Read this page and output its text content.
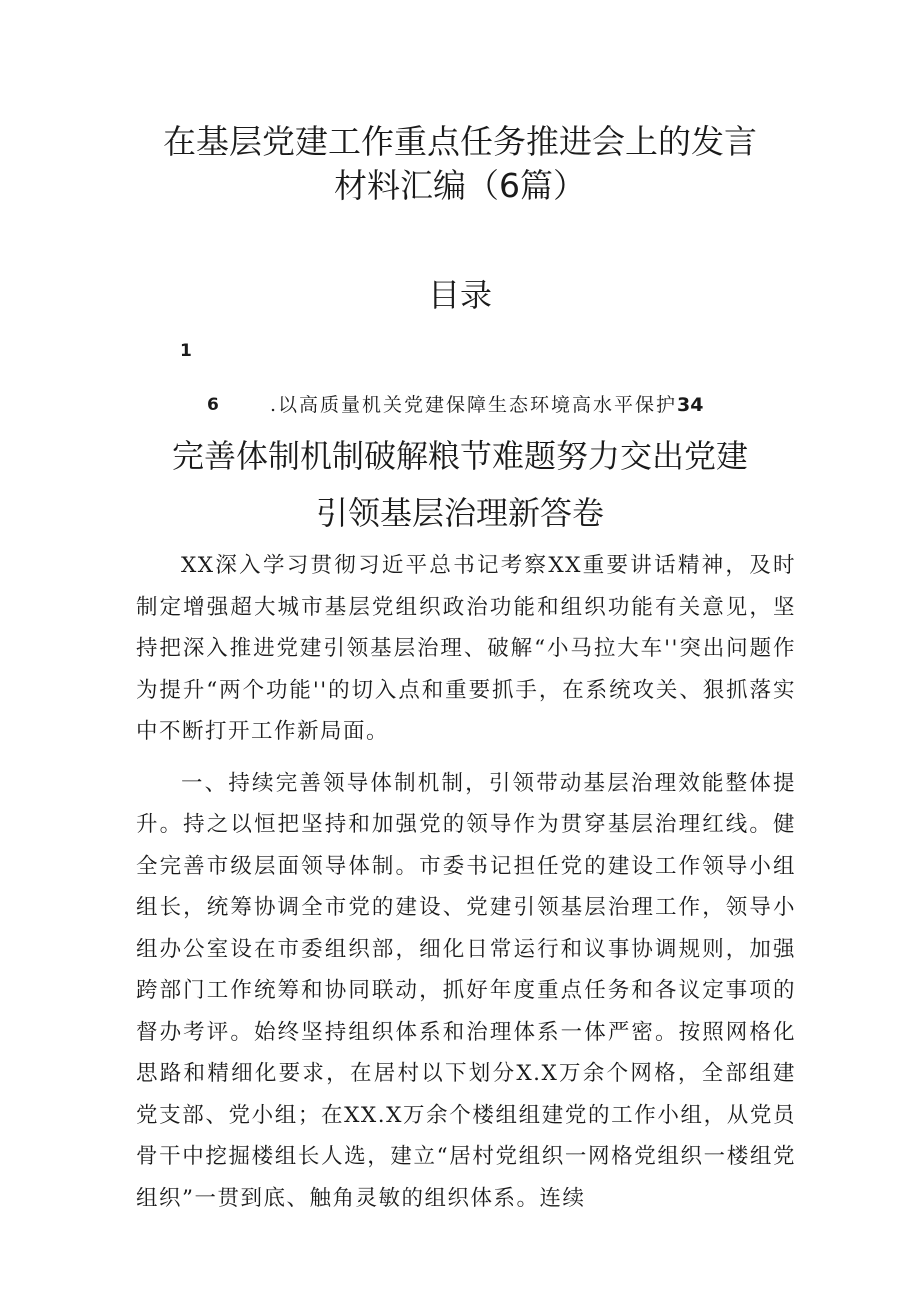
在基层党建工作重点任务推进会上的发言
材料汇编（6篇）
目录
1
6	.以高质量机关党建保障生态环境高水平保护34
完善体制机制破解粮节难题努力交出党建
引领基层治理新答卷

XX深入学习贯彻习近平总书记考察XX重要讲话精神，及时制定增强超大城市基层党组织政治功能和组织功能有关意见，坚持把深入推进党建引领基层治理、破解“小马拉大车''突出问题作为提升“两个功能''的切入点和重要抓手，在系统攻关、狠抓落实中不断打开工作新局面。

一、持续完善领导体制机制，引领带动基层治理效能整体提升。持之以恒把坚持和加强党的领导作为贯穿基层治理红线。健全完善市级层面领导体制。市委书记担任党的建设工作领导小组组长，统筹协调全市党的建设、党建引领基层治理工作，领导小组办公室设在市委组织部，细化日常运行和议事协调规则，加强跨部门工作统筹和协同联动，抓好年度重点任务和各议定事项的督办考评。始终坚持组织体系和治理体系一体严密。按照网格化思路和精细化要求，在居村以下划分X.X万余个网格，全部组建党支部、党小组；在XX.X万余个楼组组建党的工作小组，从党员骨干中挖掘楼组长人选，建立“居村党组织一网格党组织一楼组党组织”一贯到底、触角灵敏的组织体系。连续
